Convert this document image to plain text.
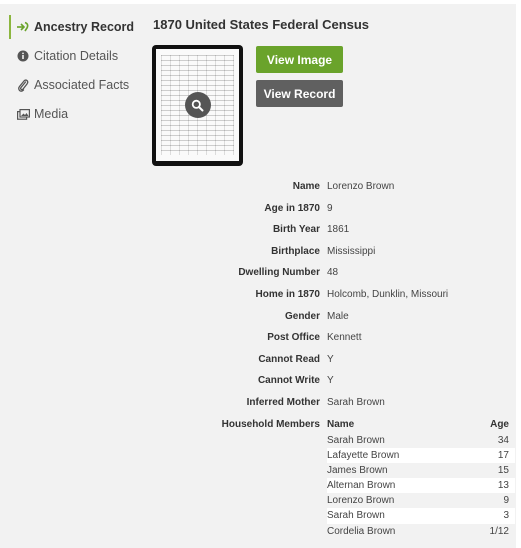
Ancestry Record
Citation Details
Associated Facts
Media
1870 United States Federal Census
View Image
View Record
Name Lorenzo Brown
Age in 1870 9
Birth Year 1861
Birthplace Mississippi
Dwelling Number 48
Home in 1870 Holcomb, Dunklin, Missouri
Gender Male
Post Office Kennett
Cannot Read Y
Cannot Write Y
Inferred Mother Sarah Brown
Household Members Name	Age
Sarah Brown	34
Lafayette Brown	17
James Brown	15
Alternan Brown	13
Lorenzo Brown	9
Sarah Brown	3
Cordelia Brown	1/12
